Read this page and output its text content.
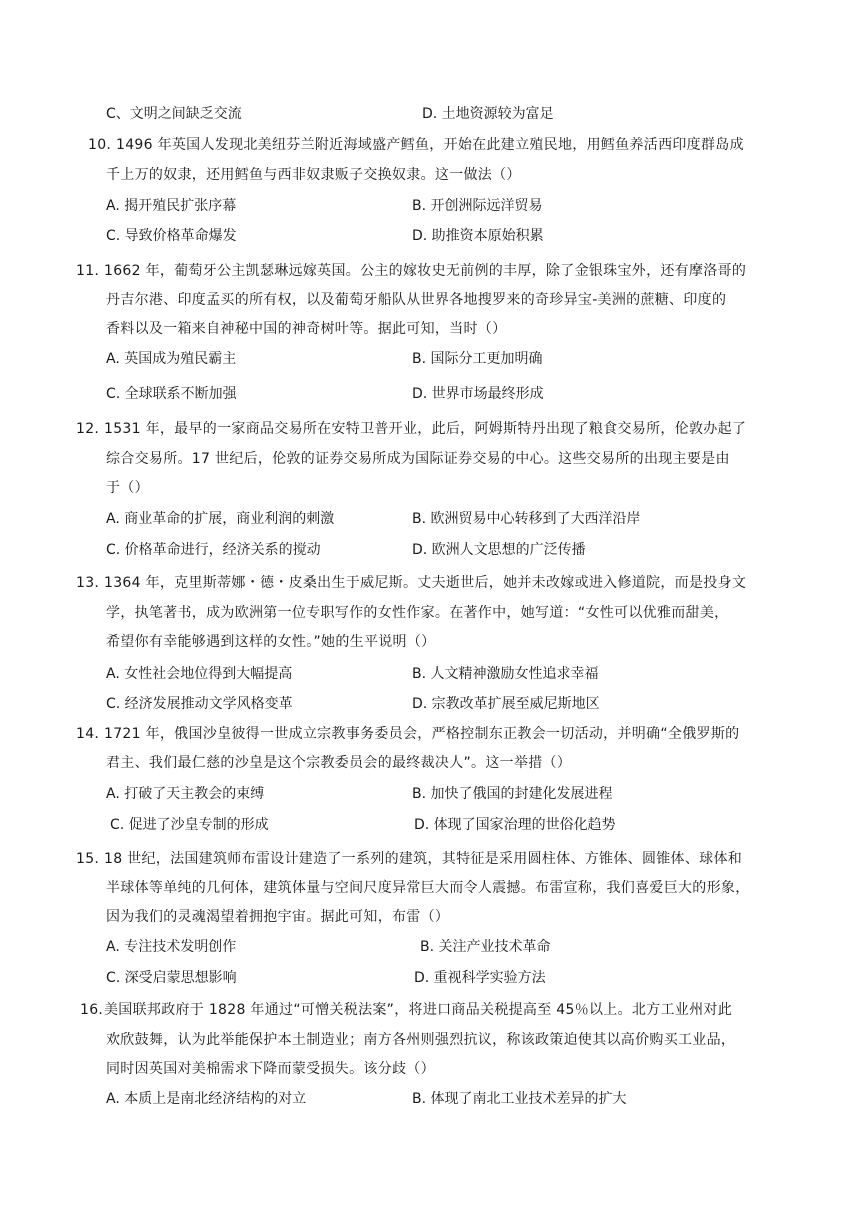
C、文明之间缺乏交流	D. 土地资源较为富足
10. 1496 年英国人发现北美纽芬兰附近海域盛产鳕鱼，开始在此建立殖民地，用鳕鱼养活西印度群岛成
千上万的奴隶，还用鳕鱼与西非奴隶贩子交换奴隶。这一做法（）
A. 揭开殖民扩张序幕	B. 开创洲际远洋贸易
C. 导致价格革命爆发	D. 助推资本原始积累
11. 1662 年，葡萄牙公主凯瑟琳远嫁英国。公主的嫁妆史无前例的丰厚，除了金银珠宝外，还有摩洛哥的
丹吉尔港、印度孟买的所有权，以及葡萄牙船队从世界各地搜罗来的奇珍异宝-美洲的蔗糖、印度的
香料以及一箱来自神秘中国的神奇树叶等。据此可知，当时（）
A. 英国成为殖民霸主	B. 国际分工更加明确
C. 全球联系不断加强	D. 世界市场最终形成
12. 1531 年，最早的一家商品交易所在安特卫普开业，此后，阿姆斯特丹出现了粮食交易所，伦敦办起了
综合交易所。17 世纪后，伦敦的证券交易所成为国际证券交易的中心。这些交易所的出现主要是由
于（）
A. 商业革命的扩展，商业利润的刺激	B. 欧洲贸易中心转移到了大西洋沿岸
C. 价格革命进行，经济关系的搅动	D. 欧洲人文思想的广泛传播
13. 1364 年，克里斯蒂娜・德・皮桑出生于威尼斯。丈夫逝世后，她并未改嫁或进入修道院，而是投身文
学，执笔著书，成为欧洲第一位专职写作的女性作家。在著作中，她写道：“女性可以优雅而甜美，
希望你有幸能够遇到这样的女性。”她的生平说明（）
A. 女性社会地位得到大幅提高	B. 人文精神激励女性追求幸福
C. 经济发展推动文学风格变革	D. 宗教改革扩展至威尼斯地区
14. 1721 年，俄国沙皇彼得一世成立宗教事务委员会，严格控制东正教会一切活动，并明确“全俄罗斯的
君主、我们最仁慈的沙皇是这个宗教委员会的最终裁决人”。这一举措（）
A. 打破了天主教会的束缚	B. 加快了俄国的封建化发展进程
C. 促进了沙皇专制的形成	D. 体现了国家治理的世俗化趋势
15. 18 世纪，法国建筑师布雷设计建造了一系列的建筑，其特征是采用圆柱体、方锥体、圆锥体、球体和
半球体等单纯的几何体，建筑体量与空间尺度异常巨大而令人震撼。布雷宣称，我们喜爱巨大的形象，
因为我们的灵魂渴望着拥抱宇宙。据此可知，布雷（）
A. 专注技术发明创作	B. 关注产业技术革命
C. 深受启蒙思想影响	D. 重视科学实验方法
16．
美国联邦政府于 1828 年通过“可憎关税法案”，将进口商品关税提高至 45％以上。北方工业州对此
欢欣鼓舞，认为此举能保护本土制造业；南方各州则强烈抗议，称该政策迫使其以高价购买工业品，
同时因英国对美棉需求下降而蒙受损失。该分歧（）
A. 本质上是南北经济结构的对立	B. 体现了南北工业技术差异的扩大
